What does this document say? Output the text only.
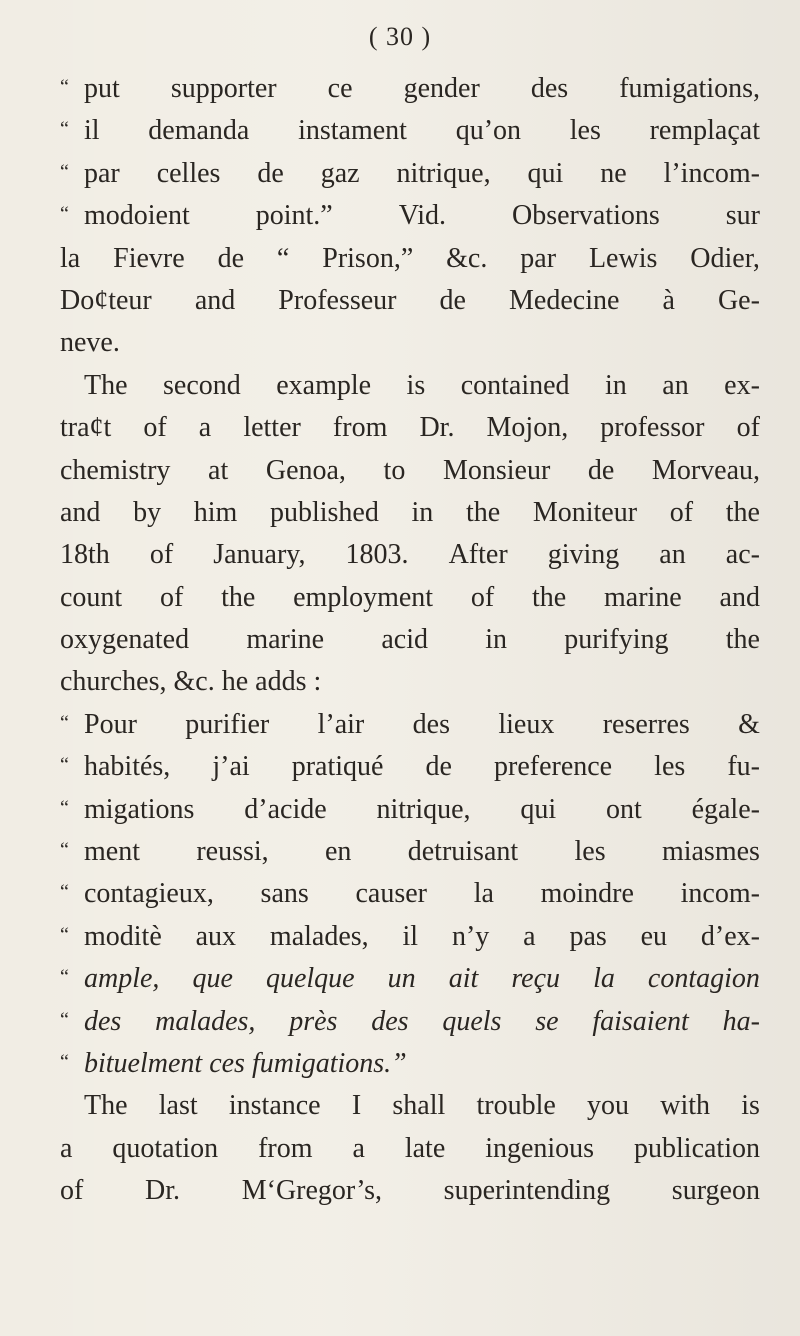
( 30 )
“ put supporter ce gender des fumigations,
“ il demanda instament qu’on les remplaçat
“ par celles de gaz nitrique, qui ne l’incom-
“ modoient point.” Vid. Observations sur
la Fievre de “ Prison,” &c. par Lewis Odier,
Do¢teur and Professeur de Medecine à Ge-
neve.
The second example is contained in an ex-
tra¢t of a letter from Dr. Mojon, professor of
chemistry at Genoa, to Monsieur de Morveau,
and by him published in the Moniteur of the
18th of January, 1803. After giving an ac-
count of the employment of the marine and
oxygenated marine acid in purifying the
churches, &c. he adds :
“ Pour purifier l’air des lieux reserres &
“ habités, j’ai pratiqué de preference les fu-
“ migations d’acide nitrique, qui ont égale-
“ ment reussi, en detruisant les miasmes
“ contagieux, sans causer la moindre incom-
“ moditè aux malades, il n’y a pas eu d’ex-
“ ample, que quelque un ait reçu la contagion
“ des malades, près des quels se faisaient ha-
“ bituelment ces fumigations.”
The last instance I shall trouble you with is
a quotation from a late ingenious publication
of Dr. M‘Gregor’s, superintending surgeon
